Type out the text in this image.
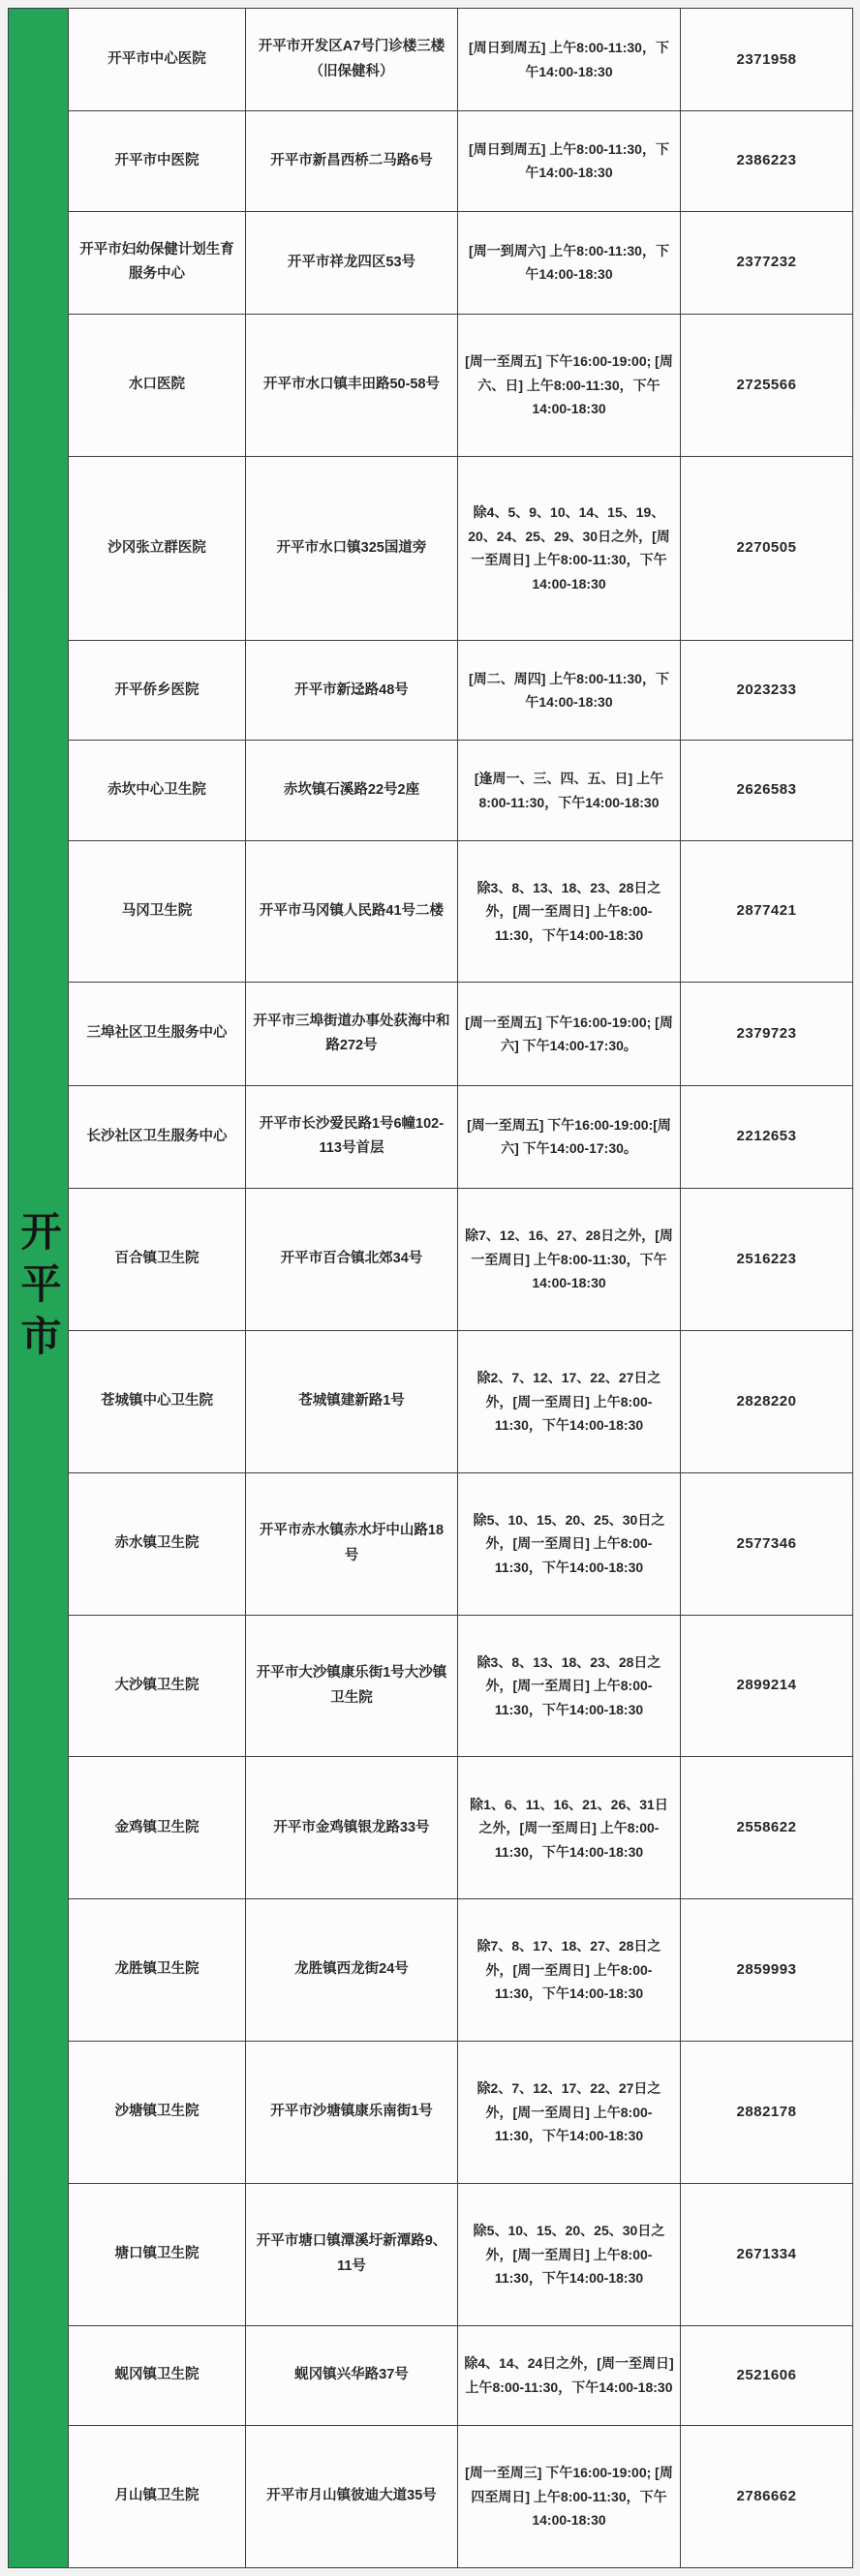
开平市	开平市中心医院	开平市开发区A7号门诊楼三楼（旧保健科）	[周日到周五] 上午8:00-11:30，下午14:00-18:30	2371958
	开平市中医院	开平市新昌西桥二马路6号	[周日到周五] 上午8:00-11:30，下午14:00-18:30	2386223
	开平市妇幼保健计划生育服务中心	开平市祥龙四区53号	[周一到周六] 上午8:00-11:30，下午14:00-18:30	2377232
	水口医院	开平市水口镇丰田路50-58号	[周一至周五] 下午16:00-19:00; [周六、日] 上午8:00-11:30，下午14:00-18:30	2725566
	沙冈张立群医院	开平市水口镇325国道旁	除4、5、9、10、14、15、19、20、24、25、29、30日之外，[周一至周日] 上午8:00-11:30，下午14:00-18:30	2270505
	开平侨乡医院	开平市新迳路48号	[周二、周四] 上午8:00-11:30，下午14:00-18:30	2023233
	赤坎中心卫生院	赤坎镇石溪路22号2座	[逢周一、三、四、五、日] 上午8:00-11:30，下午14:00-18:30	2626583
	马冈卫生院	开平市马冈镇人民路41号二楼	除3、8、13、18、23、28日之外，[周一至周日] 上午8:00-11:30，下午14:00-18:30	2877421
	三埠社区卫生服务中心	开平市三埠街道办事处荻海中和路272号	[周一至周五] 下午16:00-19:00; [周六] 下午14:00-17:30。	2379723
	长沙社区卫生服务中心	开平市长沙爱民路1号6幢102-113号首层	[周一至周五] 下午16:00-19:00:[周六] 下午14:00-17:30。	2212653
	百合镇卫生院	开平市百合镇北郊34号	除7、12、16、27、28日之外，[周一至周日] 上午8:00-11:30，下午14:00-18:30	2516223
	苍城镇中心卫生院	苍城镇建新路1号	除2、7、12、17、22、27日之外，[周一至周日] 上午8:00-11:30，下午14:00-18:30	2828220
	赤水镇卫生院	开平市赤水镇赤水圩中山路18号	除5、10、15、20、25、30日之外，[周一至周日] 上午8:00-11:30，下午14:00-18:30	2577346
	大沙镇卫生院	开平市大沙镇康乐街1号大沙镇卫生院	除3、8、13、18、23、28日之外，[周一至周日] 上午8:00-11:30，下午14:00-18:30	2899214
	金鸡镇卫生院	开平市金鸡镇银龙路33号	除1、6、11、16、21、26、31日之外，[周一至周日] 上午8:00-11:30，下午14:00-18:30	2558622
	龙胜镇卫生院	龙胜镇西龙街24号	除7、8、17、18、27、28日之外，[周一至周日] 上午8:00-11:30，下午14:00-18:30	2859993
	沙塘镇卫生院	开平市沙塘镇康乐南街1号	除2、7、12、17、22、27日之外，[周一至周日] 上午8:00-11:30，下午14:00-18:30	2882178
	塘口镇卫生院	开平市塘口镇潭溪圩新潭路9、11号	除5、10、15、20、25、30日之外，[周一至周日] 上午8:00-11:30，下午14:00-18:30	2671334
	蚬冈镇卫生院	蚬冈镇兴华路37号	除4、14、24日之外，[周一至周日] 上午8:00-11:30，下午14:00-18:30	2521606
	月山镇卫生院	开平市月山镇彼迪大道35号	[周一至周三] 下午16:00-19:00; [周四至周日] 上午8:00-11:30，下午14:00-18:30	2786662
